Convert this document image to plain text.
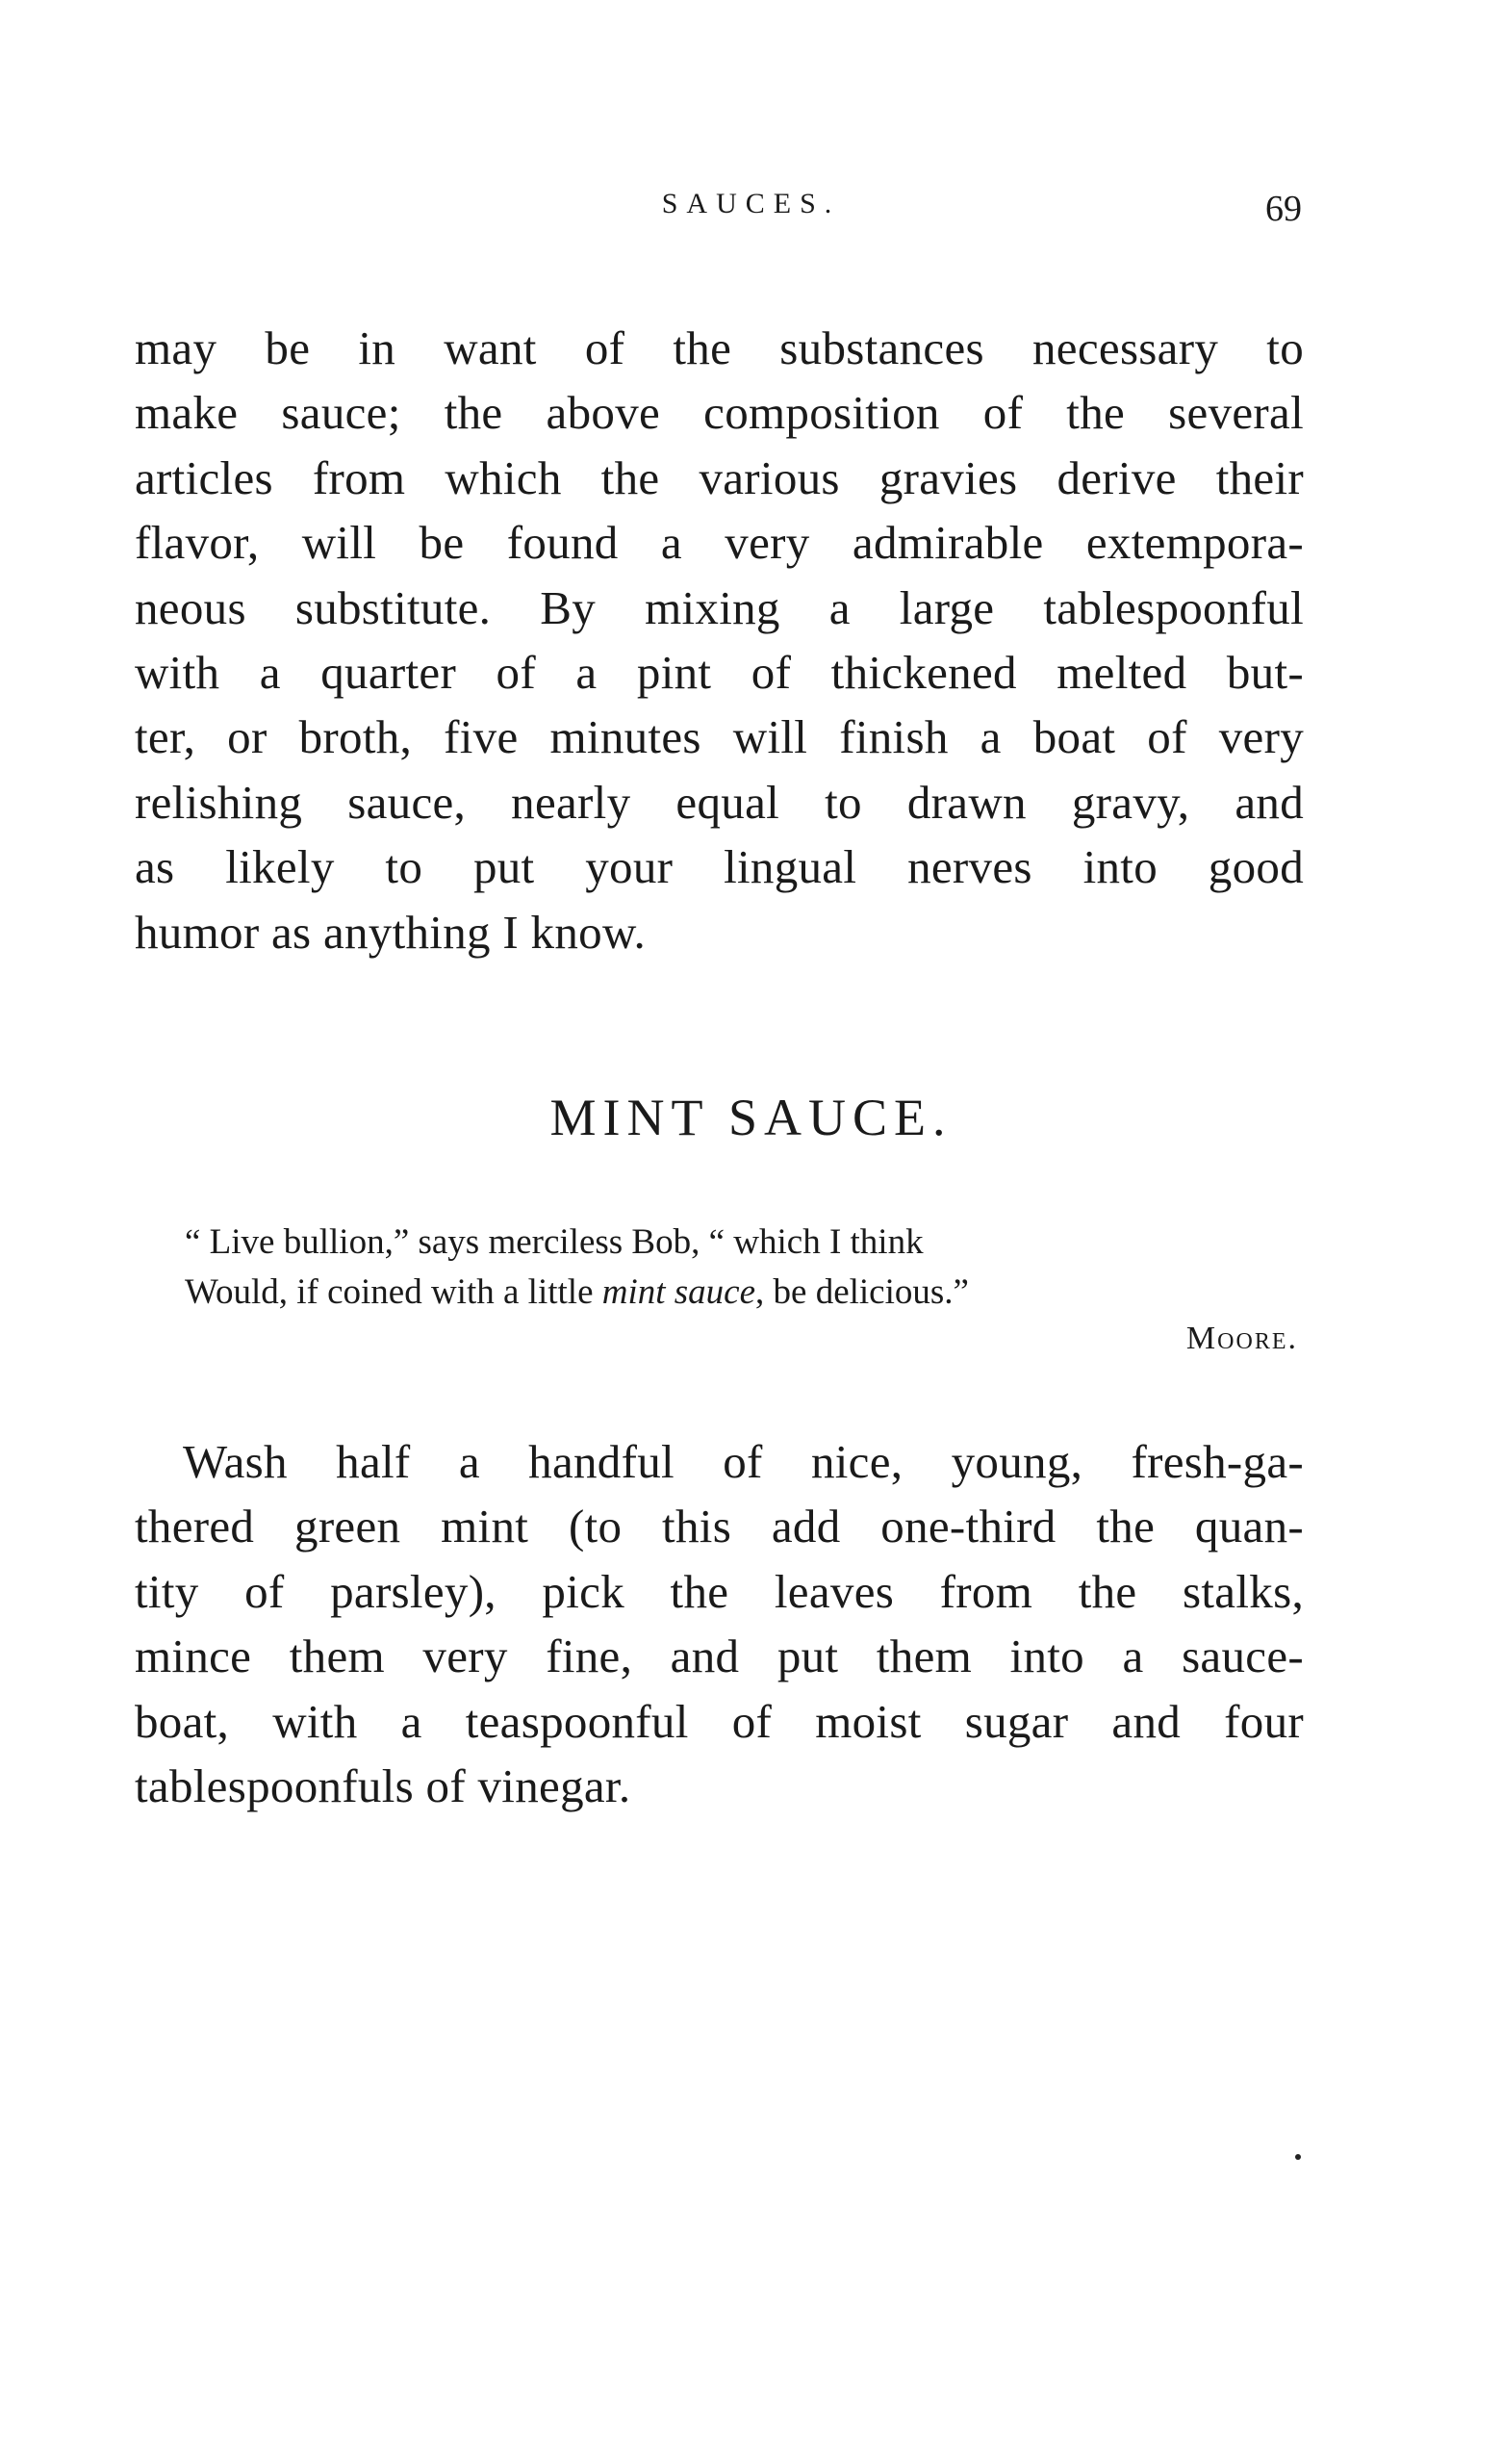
SAUCES.	69
may be in want of the substances necessary to
make sauce; the above composition of the several
articles from which the various gravies derive their
flavor, will be found a very admirable extempora-
neous substitute. By mixing a large tablespoonful
with a quarter of a pint of thickened melted but-
ter, or broth, five minutes will finish a boat of very
relishing sauce, nearly equal to drawn gravy, and
as likely to put your lingual nerves into good
humor as anything I know.
MINT SAUCE.
“ Live bullion,” says merciless Bob, “ which I think
Would, if coined with a little mint sauce, be delicious.”
Moore.
Wash half a handful of nice, young, fresh-ga-
thered green mint (to this add one-third the quan-
tity of parsley), pick the leaves from the stalks,
mince them very fine, and put them into a sauce-
boat, with a teaspoonful of moist sugar and four
tablespoonfuls of vinegar.
